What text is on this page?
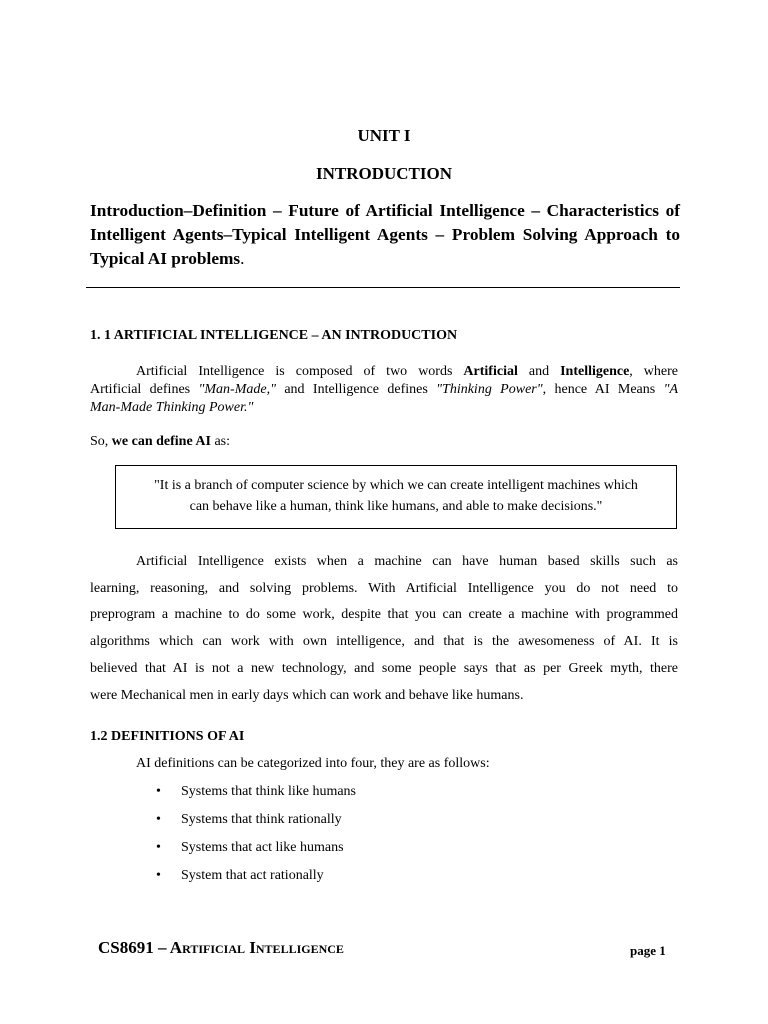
UNIT I
INTRODUCTION
Introduction–Definition – Future of Artificial Intelligence – Characteristics of Intelligent Agents–Typical Intelligent Agents – Problem Solving Approach to Typical AI problems.
1. 1 ARTIFICIAL INTELLIGENCE – AN INTRODUCTION
Artificial Intelligence is composed of two words Artificial and Intelligence, where
Artificial defines "Man-Made," and Intelligence defines "Thinking Power", hence AI Means "A
Man-Made Thinking Power."
So, we can define AI as:
"It is a branch of computer science by which we can create intelligent machines which
can behave like a human, think like humans, and able to make decisions."
Artificial Intelligence exists when a machine can have human based skills such as
learning, reasoning, and solving problems. With Artificial Intelligence you do not need to
preprogram a machine to do some work, despite that you can create a machine with programmed
algorithms which can work with own intelligence, and that is the awesomeness of AI. It is
believed that AI is not a new technology, and some people says that as per Greek myth, there
were Mechanical men in early days which can work and behave like humans.
1.2 DEFINITIONS OF AI
AI definitions can be categorized into four, they are as follows:
• Systems that think like humans
• Systems that think rationally
• Systems that act like humans
• System that act rationally
CS8691 – Artificial Intelligence	page 1
